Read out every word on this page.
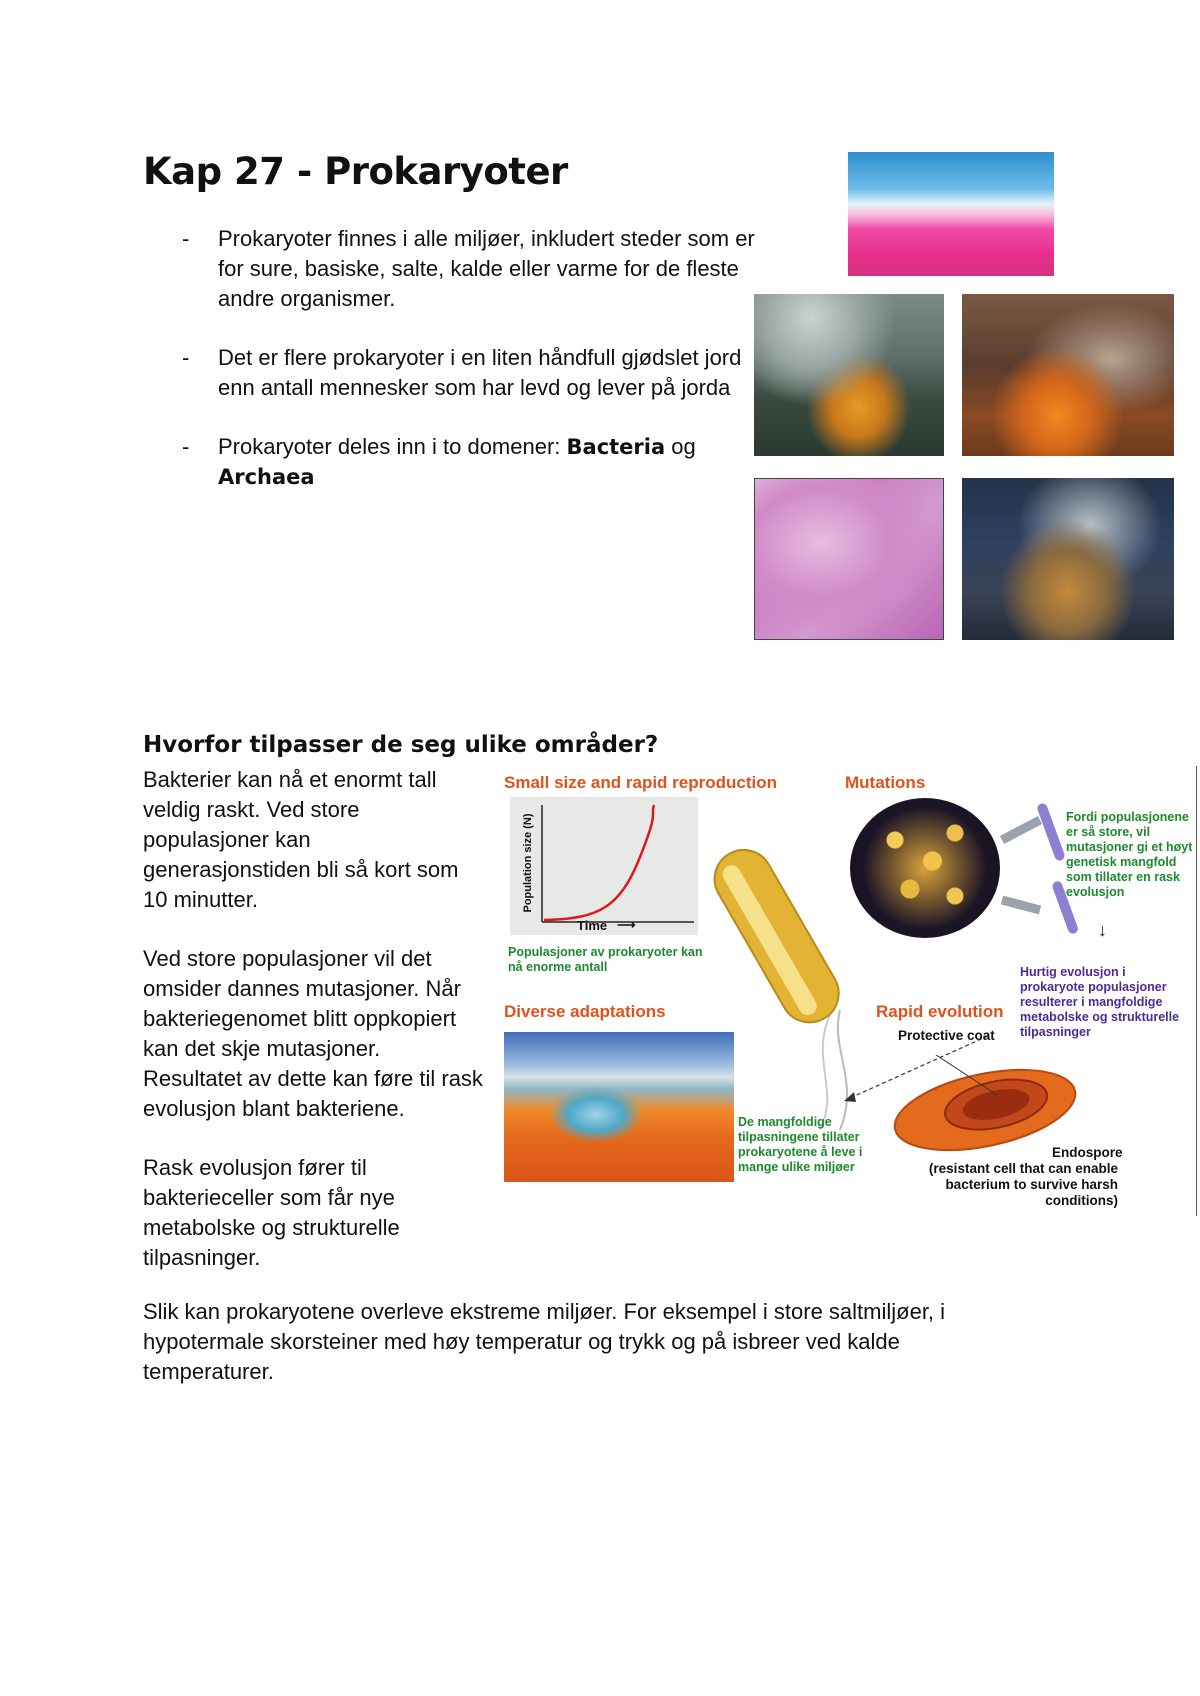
Kap 27 - Prokaryoter
- Prokaryoter finnes i alle miljøer, inkludert steder som er for sure, basiske, salte, kalde eller varme for de fleste andre organismer.
- Det er flere prokaryoter i en liten håndfull gjødslet jord enn antall mennesker som har levd og lever på jorda
- Prokaryoter deles inn i to domener: Bacteria og Archaea
Hvorfor tilpasser de seg ulike områder?

Bakterier kan nå et enormt tall veldig raskt. Ved store populasjoner kan generasjonstiden bli så kort som 10 minutter.

Ved store populasjoner vil det omsider dannes mutasjoner. Når bakteriegenomet blitt oppkopiert kan det skje mutasjoner. Resultatet av dette kan føre til rask evolusjon blant bakteriene.

Rask evolusjon fører til bakterieceller som får nye metabolske og strukturelle tilpasninger.

Small size and rapid reproduction	Mutations
Population size (N)
Time ⟶
Populasjoner av prokaryoter kan nå enorme antall
Fordi populasjonene er så store, vil mutasjoner gi et høyt genetisk mangfold som tillater en rask evolusjon
↓
Hurtig evolusjon i prokaryote populasjoner resulterer i mangfoldige metabolske og strukturelle tilpasninger
Diverse adaptations	Rapid evolution
Protective coat
De mangfoldige tilpasningene tillater prokaryotene å leve i mange ulike miljøer
Endospore
(resistant cell that can enable bacterium to survive harsh conditions)

Slik kan prokaryotene overleve ekstreme miljøer. For eksempel i store saltmiljøer, i hypotermale skorsteiner med høy temperatur og trykk og på isbreer ved kalde temperaturer.
